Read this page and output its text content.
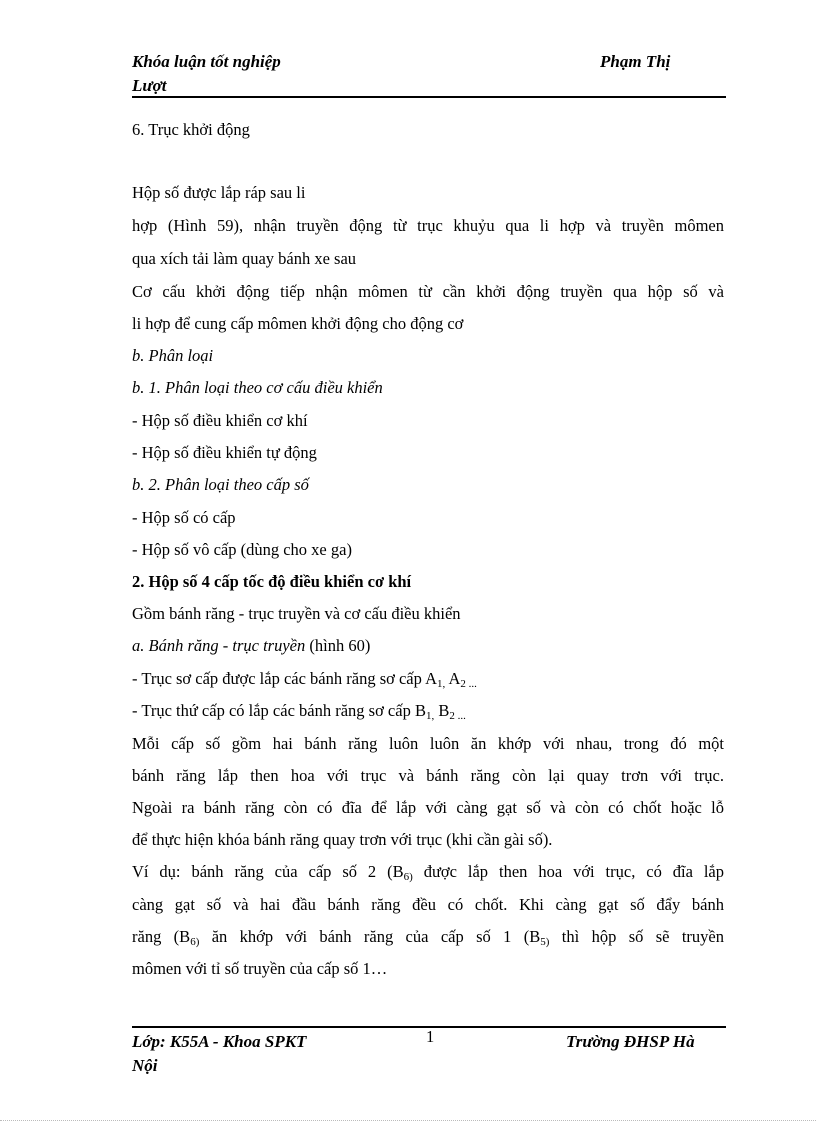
Khóa luận tốt nghiệp
Lượt
Phạm Thị
6. Trục khởi động
Hộp số được lắp ráp sau li
hợp (Hình 59), nhận truyền động từ trục khuỷu qua li hợp và truyền mômen
qua xích tải làm quay bánh xe sau
Cơ cấu khởi động tiếp nhận mômen từ cần khởi động truyền qua hộp số và
li hợp để cung cấp mômen khởi động cho động cơ
b. Phân loại
b. 1. Phân loại theo cơ cấu điều khiển
- Hộp số điều khiển cơ khí
- Hộp số điều khiển tự động
b. 2. Phân loại theo cấp số
- Hộp số có cấp
- Hộp số vô cấp (dùng cho xe ga)
2. Hộp số 4 cấp tốc độ điều khiển cơ khí
Gồm bánh răng - trục truyền và cơ cấu điều khiển
a. Bánh răng - trục truyền (hình 60)
- Trục sơ cấp được lắp các bánh răng sơ cấp $A_{1,}$ $A_{2 ...}$
- Trục thứ cấp có lắp các bánh răng sơ cấp $B_{1,}$ $B_{2 ...}$
Mỗi cấp số gồm hai bánh răng luôn luôn ăn khớp với nhau, trong đó một
bánh răng lắp then hoa với trục và bánh răng còn lại quay trơn với trục.
Ngoài ra bánh răng còn có đĩa để lắp với càng gạt số và còn có chốt hoặc lỗ
để thực hiện khóa bánh răng quay trơn với trục (khi cần gài số).
Ví dụ: bánh răng của cấp số 2 ($B_{6)}$ được lắp then hoa với trục, có đĩa lắp
càng gạt số và hai đầu bánh răng đều có chốt. Khi càng gạt số đẩy bánh
răng ($B_{6)}$ ăn khớp với bánh răng của cấp số 1 ($B_{5)}$ thì hộp số sẽ truyền
mômen với tỉ số truyền của cấp số 1…
Lớp: K55A - Khoa SPKT
Nội
1	Trường ĐHSP Hà
